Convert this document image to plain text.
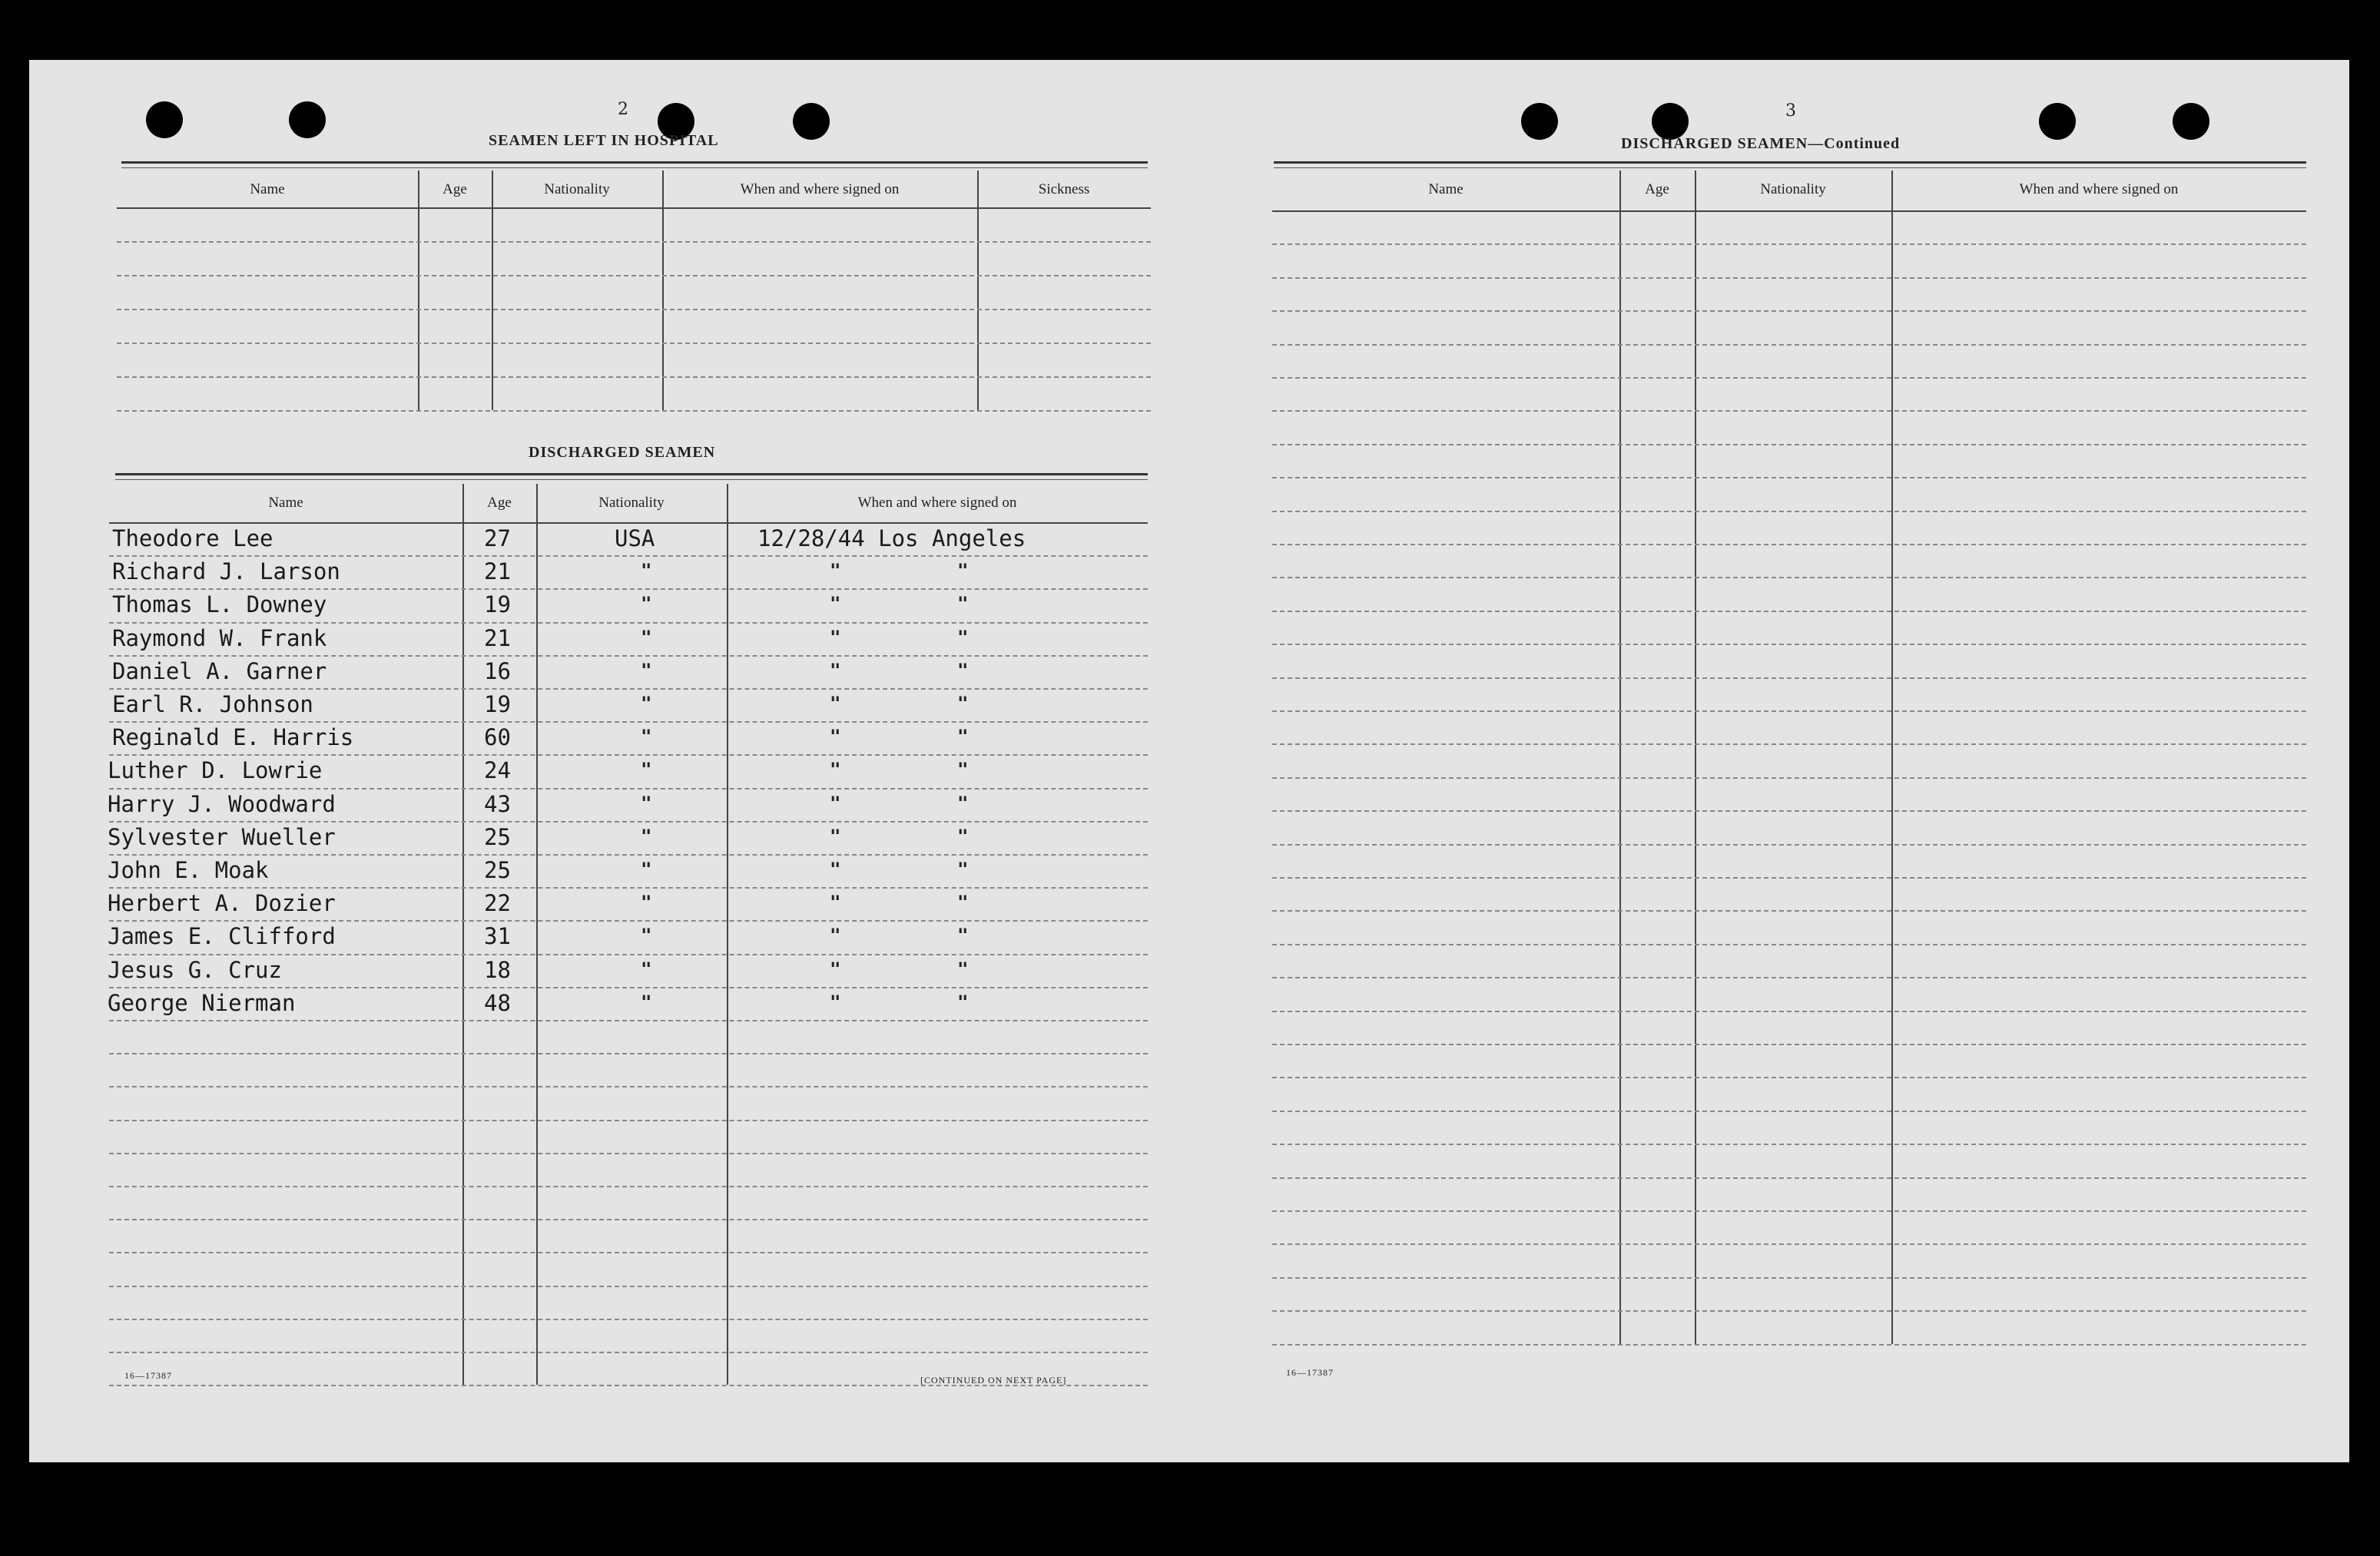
2
SEAMEN LEFT IN HOSPITAL
Name	Age	Nationality	When and where signed on	Sickness
DISCHARGED SEAMEN
Name	Age	Nationality	When and where signed on
Theodore Lee	27	USA	12/28/44 Los Angeles
Richard J. Larson	21	"	"	"
Thomas L. Downey	19	"	"	"
Raymond W. Frank	21	"	"	"
Daniel A. Garner	16	"	"	"
Earl R. Johnson	19	"	"	"
Reginald E. Harris	60	"	"	"
Luther D. Lowrie	24	"	"	"
Harry J. Woodward	43	"	"	"
Sylvester Wueller	25	"	"	"
John E. Moak	25	"	"	"
Herbert A. Dozier	22	"	"	"
James E. Clifford	31	"	"	"
Jesus G. Cruz	18	"	"	"
George Nierman	48	"	"	"
16—17387	[CONTINUED ON NEXT PAGE]
3
DISCHARGED SEAMEN—Continued
Name	Age	Nationality	When and where signed on
16—17387
